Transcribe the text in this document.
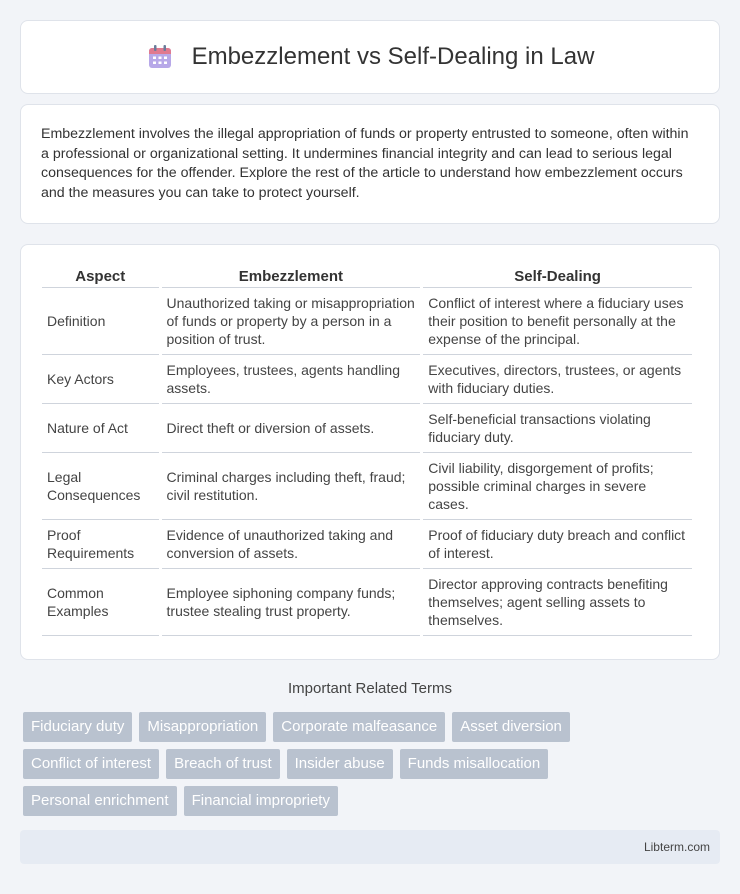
Embezzlement vs Self-Dealing in Law

Embezzlement involves the illegal appropriation of funds or property entrusted to someone, often within a professional or organizational setting. It undermines financial integrity and can lead to serious legal consequences for the offender. Explore the rest of the article to understand how embezzlement occurs and the measures you can take to protect yourself.

Aspect	Embezzlement	Self-Dealing
Definition	Unauthorized taking or misappropriation of funds or property by a person in a position of trust.	Conflict of interest where a fiduciary uses their position to benefit personally at the expense of the principal.
Key Actors	Employees, trustees, agents handling assets.	Executives, directors, trustees, or agents with fiduciary duties.
Nature of Act	Direct theft or diversion of assets.	Self-beneficial transactions violating fiduciary duty.
Legal Consequences	Criminal charges including theft, fraud; civil restitution.	Civil liability, disgorgement of profits; possible criminal charges in severe cases.
Proof Requirements	Evidence of unauthorized taking and conversion of assets.	Proof of fiduciary duty breach and conflict of interest.
Common Examples	Employee siphoning company funds; trustee stealing trust property.	Director approving contracts benefiting themselves; agent selling assets to themselves.
Important Related Terms
Fiduciary duty	Misappropriation	Corporate malfeasance	Asset diversion
Conflict of interest	Breach of trust	Insider abuse	Funds misallocation
Personal enrichment	Financial impropriety
Libterm.com
